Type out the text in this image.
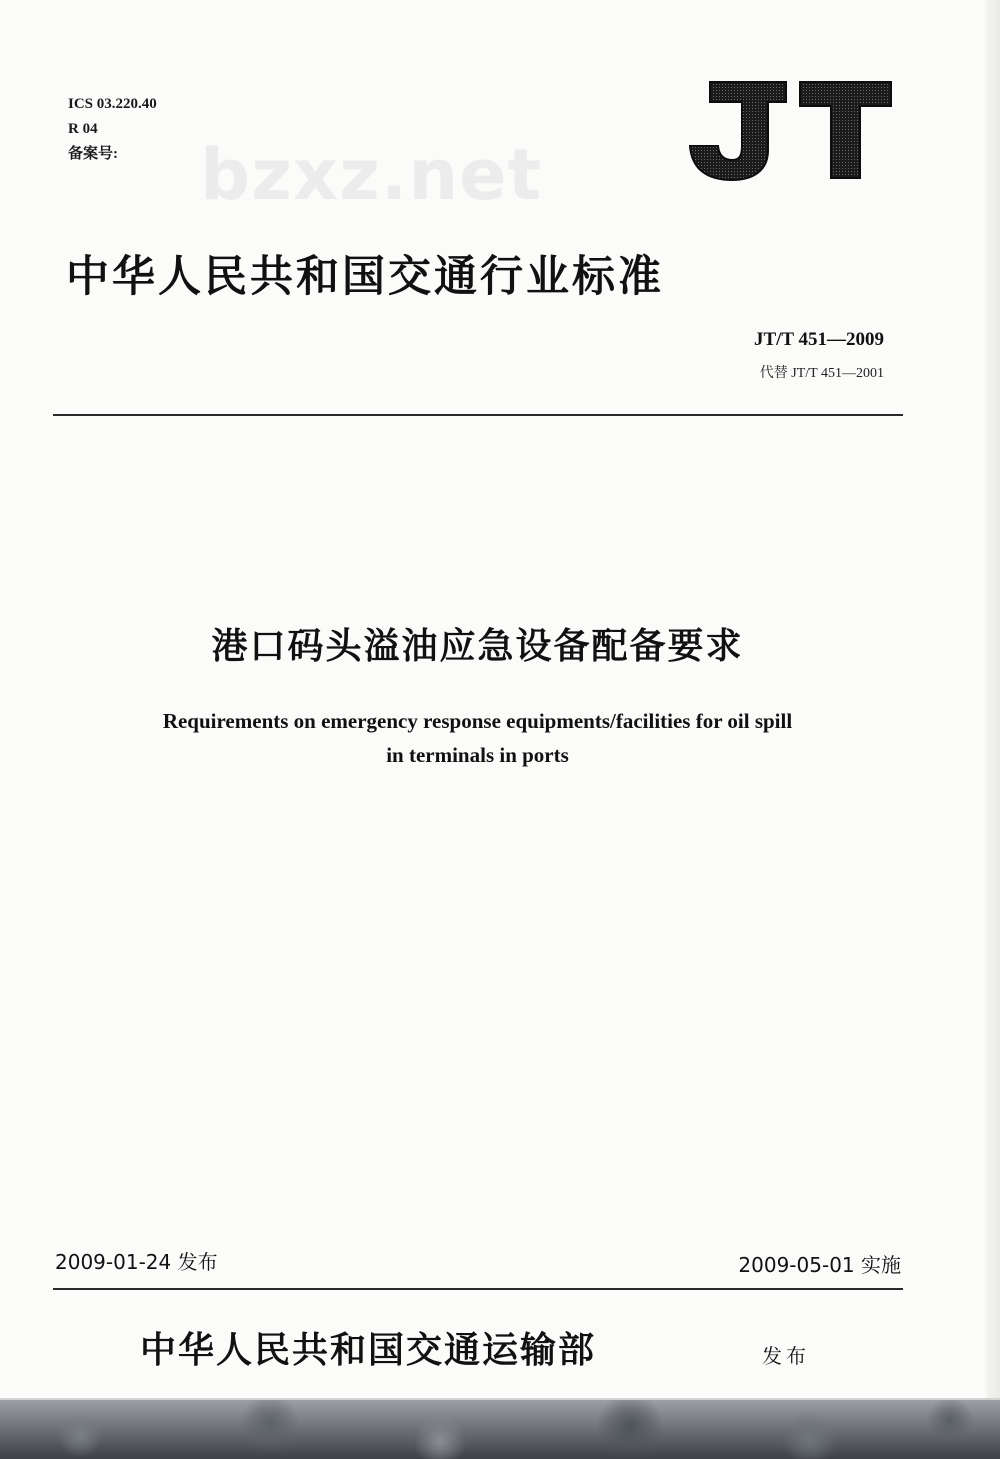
ICS 03.220.40
R 04
备案号:	bzxz.net
中华人民共和国交通行业标准
JT/T 451—2009
代替 JT/T 451—2001
港口码头溢油应急设备配备要求
Requirements on emergency response equipments/facilities for oil spill
in terminals in ports
2009-01-24 发布	2009-05-01 实施
中华人民共和国交通运输部	发布
